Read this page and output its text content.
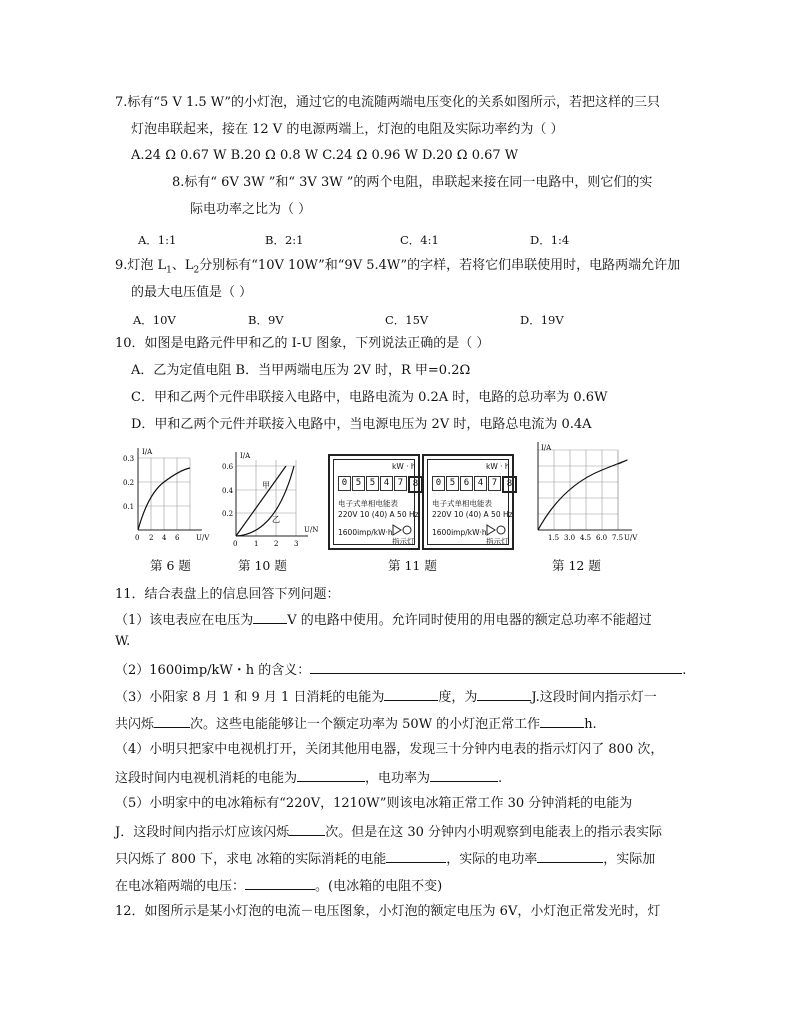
7.标有“5 V 1.5 W”的小灯泡，通过它的电流随两端电压变化的关系如图所示，若把这样的三只
灯泡串联起来，接在 12 V 的电源两端上，灯泡的电阻及实际功率约为（ ）
A.24 Ω 0.67 W B.20 Ω 0.8 W C.24 Ω 0.96 W D.20 Ω 0.67 W
8.标有“ 6V 3W ”和“ 3V 3W ”的两个电阻，串联起来接在同一电路中，则它们的实
际电功率之比为（ ）
A．1:1	B．2:1	C．4:1	D．1:4
9.灯泡 $L_1$、$L_2$分别标有“10V 10W”和“9V 5.4W”的字样，若将它们串联使用时，电路两端允许加
的最大电压值是（ ）
A．10V	B．9V	C．15V	D．19V
10．如图是电路元件甲和乙的 I-U 图象，下列说法正确的是（ ）
A．乙为定值电阻 B．当甲两端电压为 2V 时，R 甲=0.2Ω
C．甲和乙两个元件串联接入电路中，电路电流为 0.2A 时，电路的总功率为 0.6W
D．甲和乙两个元件并联接入电路中，当电源电压为 2V 时，电路总电流为 0.4A
I/A
U/V
0.3
0.2
0.1
0 2 4 6
第 6 题
I/A
U/N
甲
乙
0.6
0.4
0.2
0 1 2 3
第 10 题
kW · h
0 5 5 4 7	8
电子式单相电能表
220V 10 (40) A 50 Hz
1600imp/kW·h
指示灯
kW · h
0 5 6 4 7	8
电子式单相电能表
220V 10 (40) A 50 Hz
1600imp/kW·h
指示灯
第 11 题
I/A
U/V
1.5 3.0 4.5 6.0 7.5
第 12 题
11．结合表盘上的信息回答下列问题：
（1）该电表应在电压为	V 的电路中使用。允许同时使用的用电器的额定总功率不能超过
W.
（2）1600imp/kW・h 的含义：	.
（3）小阳家 8 月 1 和 9 月 1 日消耗的电能为	度，为	J.这段时间内指示灯一
共闪烁	次。这些电能能够让一个额定功率为 50W 的小灯泡正常工作	h.
（4）小明只把家中电视机打开，关闭其他用电器，发现三十分钟内电表的指示灯闪了 800 次，
这段时间内电视机消耗的电能为	，电功率为	.
（5）小明家中的电冰箱标有“220V，1210W”则该电冰箱正常工作 30 分钟消耗的电能为
J．这段时间内指示灯应该闪烁	次。但是在这 30 分钟内小明观察到电能表上的指示表实际
只闪烁了 800 下，求电 冰箱的实际消耗的电能	，实际的电功率	，实际加
在电冰箱两端的电压：	。(电冰箱的电阻不变)
12．如图所示是某小灯泡的电流－电压图象，小灯泡的额定电压为 6V，小灯泡正常发光时，灯
